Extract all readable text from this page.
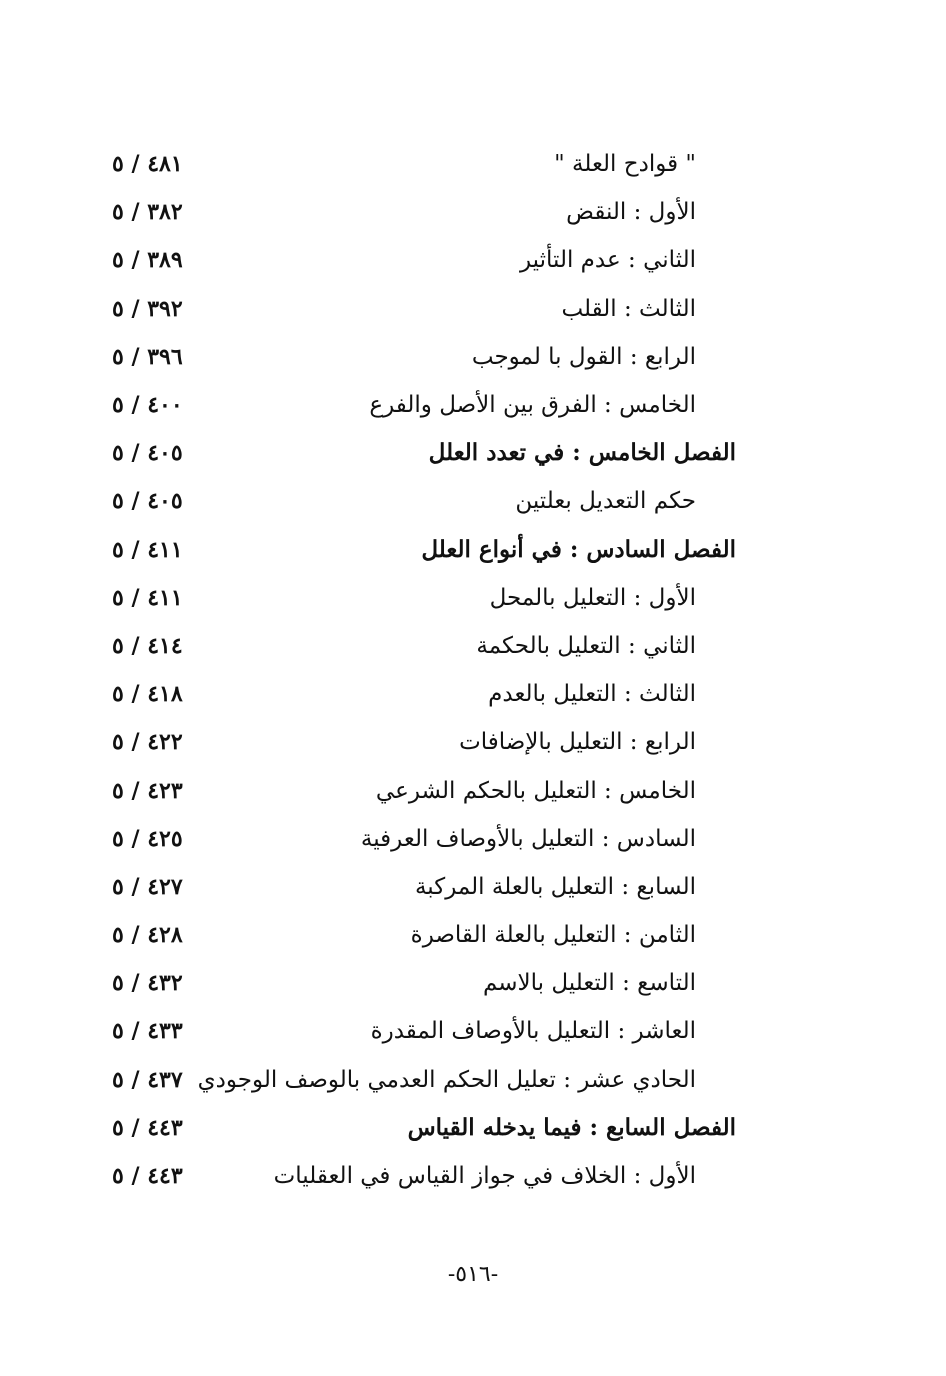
" قوادح العلة "
٤٨١ / ٥
الأول : النقض
٣٨٢ / ٥
الثاني : عدم التأثير
٣٨٩ / ٥
الثالث : القلب
٣٩٢ / ٥
الرابع : القول با لموجب
٣٩٦ / ٥
الخامس : الفرق بين الأصل والفرع
٤٠٠ / ٥
الفصل الخامس : في تعدد العلل
٤٠٥ / ٥
حكم التعديل بعلتين
٤٠٥ / ٥
الفصل السادس : في أنواع العلل
٤١١ / ٥
الأول : التعليل بالمحل
٤١١ / ٥
الثاني : التعليل بالحكمة
٤١٤ / ٥
الثالث : التعليل بالعدم
٤١٨ / ٥
الرابع : التعليل بالإضافات
٤٢٢ / ٥
الخامس : التعليل بالحكم الشرعي
٤٢٣ / ٥
السادس : التعليل بالأوصاف العرفية
٤٢٥ / ٥
السابع : التعليل بالعلة المركبة
٤٢٧ / ٥
الثامن : التعليل بالعلة القاصرة
٤٢٨ / ٥
التاسع : التعليل بالاسم
٤٣٢ / ٥
العاشر : التعليل بالأوصاف المقدرة
٤٣٣ / ٥
الحادي عشر : تعليل الحكم العدمي بالوصف الوجودي
٤٣٧ / ٥
الفصل السابع : فيما يدخله القياس
٤٤٣ / ٥
الأول : الخلاف في جواز القياس في العقليات
٤٤٣ / ٥
-٥١٦-
